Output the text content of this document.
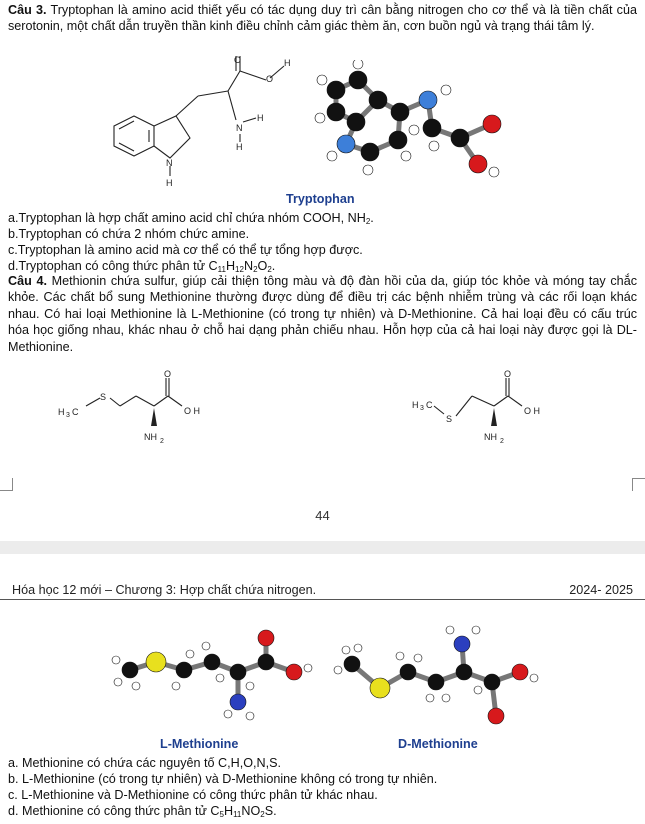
Câu 3. Tryptophan là amino acid thiết yếu có tác dụng duy trì cân bằng nitrogen cho cơ thể và là tiền chất của serotonin, một chất dẫn truyền thần kinh điều chỉnh cảm giác thèm ăn, cơn buồn ngủ và trạng thái tâm lý.
O
O
H
N
H
H
N
H
Tryptophan
a.Tryptophan là hợp chất amino acid chỉ chứa nhóm COOH, $NH_2$.
b.Tryptophan có chứa 2 nhóm chức amine.
c.Tryptophan là amino acid mà cơ thể có thể tự tổng hợp được.
d.Tryptophan có công thức phân tử $C_{11}H_{12}N_2O_2$.
Câu 4. Methionin chứa sulfur, giúp cải thiện tông màu và độ đàn hồi của da, giúp tóc khỏe và móng tay chắc khỏe. Các chất bổ sung Methionine thường được dùng để điều trị các bệnh nhiễm trùng và các rối loạn khác nhau. Có hai loại Methionine là L-Methionine (có trong tự nhiên) và D-Methionine. Cả hai loại đều có cấu trúc hóa học giống nhau, khác nhau ở chỗ hai dạng phản chiếu nhau. Hỗn hợp của cả hai loại này được gọi là DL-Methionine.
H 3 C
S
O
O H
NH 2
H 3 C
S
O
O H
NH 2
44
Hóa học 12 mới – Chương 3: Hợp chất chứa nitrogen.	2024- 2025
L-Methionine	D-Methionine
a. Methionine có chứa các nguyên tố C,H,O,N,S.
b. L-Methionine (có trong tự nhiên) và D-Methionine không có trong tự nhiên.
c. L-Methionine và D-Methionine có công thức phân tử khác nhau.
d. Methionine có công thức phân tử $C_5H_{11}NO_2S$.
